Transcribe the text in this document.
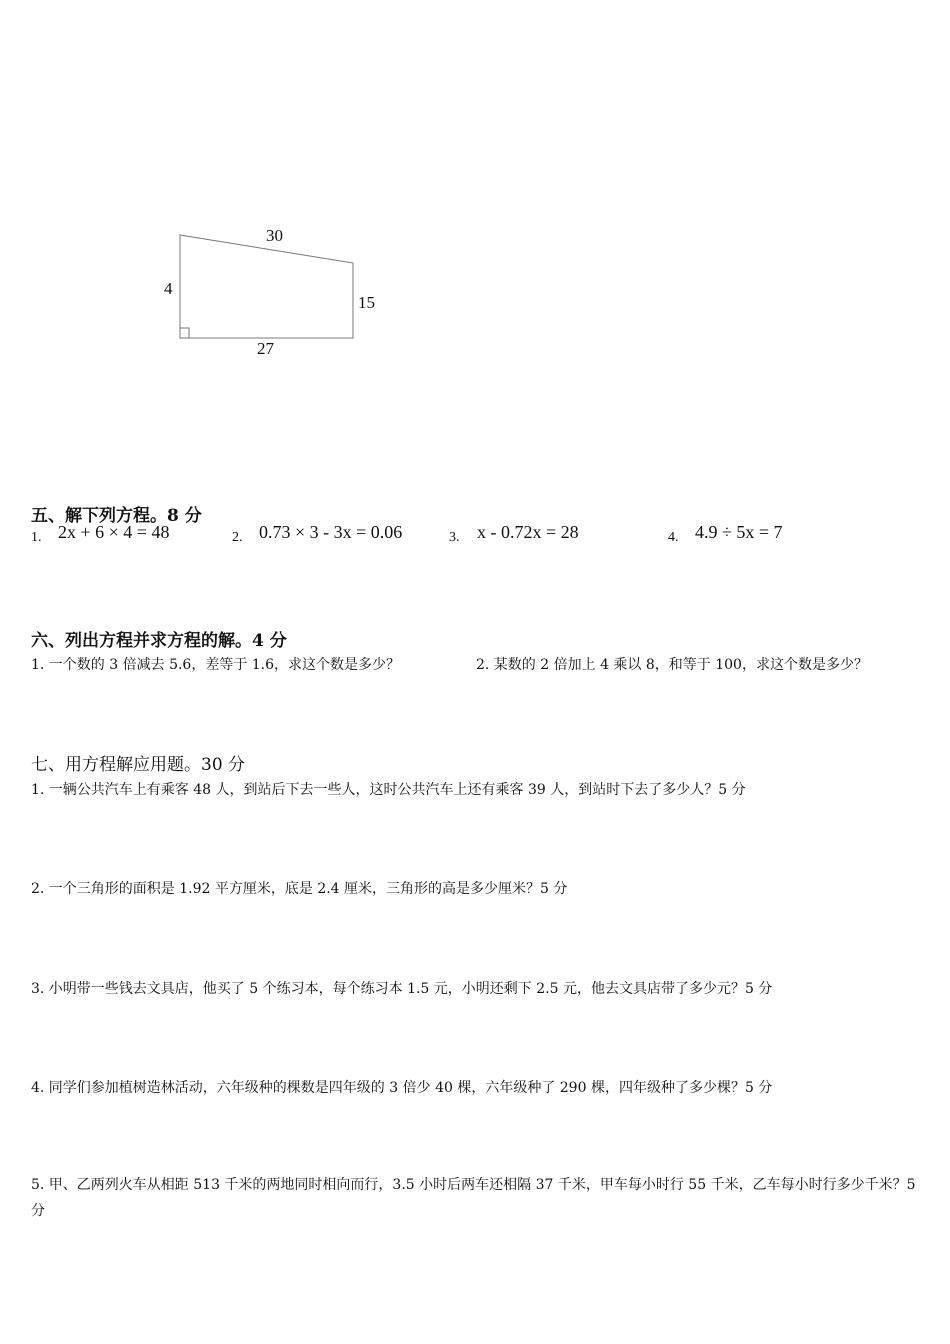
30
4
15
27
五、解下列方程。8 分
1. 2x + 6 × 4 = 48	2. 0.73 × 3 - 3x = 0.06	3. x - 0.72x = 28	4. 4.9 ÷ 5x = 7
六、列出方程并求方程的解。4 分
1. 一个数的 3 倍减去 5.6，差等于 1.6，求这个数是多少？	2. 某数的 2 倍加上 4 乘以 8，和等于 100，求这个数是多少？
七、用方程解应用题。30 分
1. 一辆公共汽车上有乘客 48 人，到站后下去一些人，这时公共汽车上还有乘客 39 人，到站时下去了多少人？5 分
2. 一个三角形的面积是 1.92 平方厘米，底是 2.4 厘米，三角形的高是多少厘米？5 分
3. 小明带一些钱去文具店，他买了 5 个练习本，每个练习本 1.5 元，小明还剩下 2.5 元，他去文具店带了多少元？5 分
4. 同学们参加植树造林活动，六年级种的棵数是四年级的 3 倍少 40 棵，六年级种了 290 棵，四年级种了多少棵？5 分
5. 甲、乙两列火车从相距 513 千米的两地同时相向而行，3.5 小时后两车还相隔 37 千米，甲车每小时行 55 千米，乙车每小时行多少千米？5 分
